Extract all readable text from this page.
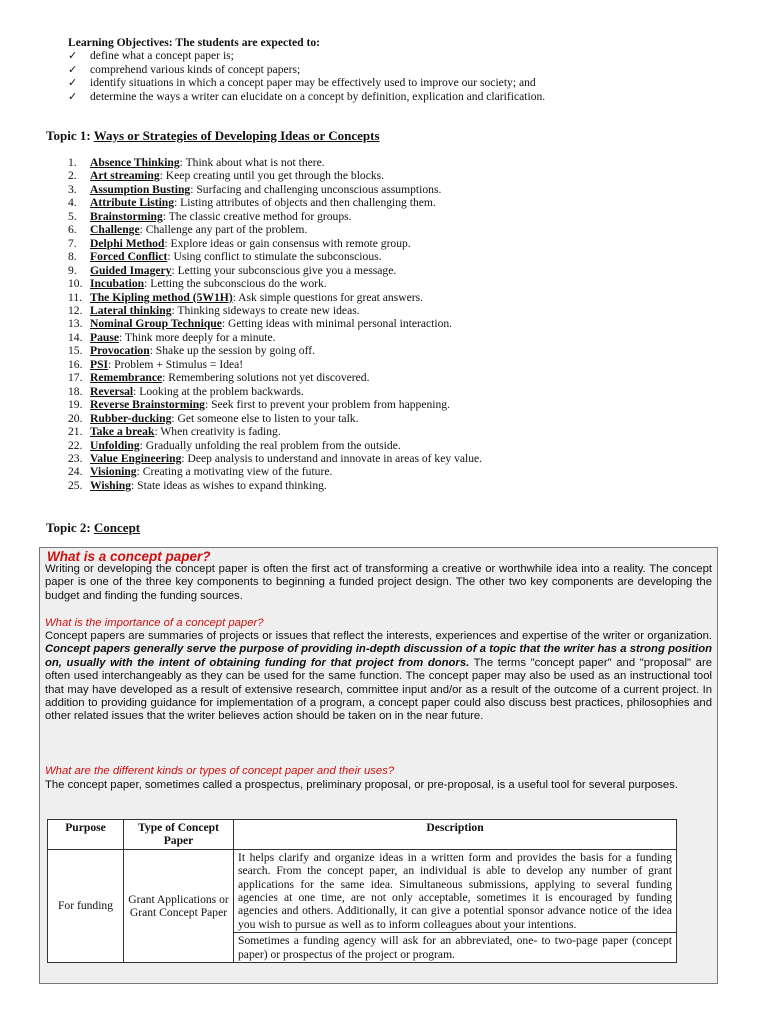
Learning Objectives: The students are expected to:
✓ define what a concept paper is;
✓ comprehend various kinds of concept papers;
✓ identify situations in which a concept paper may be effectively used to improve our society; and
✓ determine the ways a writer can elucidate on a concept by definition, explication and clarification.
Topic 1: Ways or Strategies of Developing Ideas or Concepts
1.	Absence Thinking: Think about what is not there.
2.	Art streaming: Keep creating until you get through the blocks.
3.	Assumption Busting: Surfacing and challenging unconscious assumptions.
4.	Attribute Listing: Listing attributes of objects and then challenging them.
5.	Brainstorming: The classic creative method for groups.
6.	Challenge: Challenge any part of the problem.
7.	Delphi Method: Explore ideas or gain consensus with remote group.
8.	Forced Conflict: Using conflict to stimulate the subconscious.
9.	Guided Imagery: Letting your subconscious give you a message.
10. Incubation: Letting the subconscious do the work.
11. The Kipling method (5W1H): Ask simple questions for great answers.
12. Lateral thinking: Thinking sideways to create new ideas.
13. Nominal Group Technique: Getting ideas with minimal personal interaction.
14. Pause: Think more deeply for a minute.
15. Provocation: Shake up the session by going off.
16. PSI: Problem + Stimulus = Idea!
17. Remembrance: Remembering solutions not yet discovered.
18. Reversal: Looking at the problem backwards.
19. Reverse Brainstorming: Seek first to prevent your problem from happening.
20. Rubber-ducking: Get someone else to listen to your talk.
21. Take a break: When creativity is fading.
22. Unfolding: Gradually unfolding the real problem from the outside.
23. Value Engineering: Deep analysis to understand and innovate in areas of key value.
24. Visioning: Creating a motivating view of the future.
25. Wishing: State ideas as wishes to expand thinking.
Topic 2: Concept
What is a concept paper?
Writing or developing the concept paper is often the first act of transforming a creative or worthwhile idea into a reality. The concept paper is one of the three key components to beginning a funded project design. The other two key components are developing the budget and finding the funding sources.
What is the importance of a concept paper?
Concept papers are summaries of projects or issues that reflect the interests, experiences and expertise of the writer or organization. Concept papers generally serve the purpose of providing in-depth discussion of a topic that the writer has a strong position on, usually with the intent of obtaining funding for that project from donors. The terms "concept paper" and "proposal" are often used interchangeably as they can be used for the same function. The concept paper may also be used as an instructional tool that may have developed as a result of extensive research, committee input and/or as a result of the outcome of a current project. In addition to providing guidance for implementation of a program, a concept paper could also discuss best practices, philosophies and other related issues that the writer believes action should be taken on in the near future.
What are the different kinds or types of concept paper and their uses?
The concept paper, sometimes called a prospectus, preliminary proposal, or pre-proposal, is a useful tool for several purposes.
Purpose	Type of Concept Paper	Description
For funding	Grant Applications or Grant Concept Paper	It helps clarify and organize ideas in a written form and provides the basis for a funding search. From the concept paper, an individual is able to develop any number of grant applications for the same idea. Simultaneous submissions, applying to several funding agencies at one time, are not only acceptable, sometimes it is encouraged by funding agencies and others. Additionally, it can give a potential sponsor advance notice of the idea you wish to pursue as well as to inform colleagues about your intentions.
		Sometimes a funding agency will ask for an abbreviated, one- to two-page paper (concept paper) or prospectus of the project or program.
